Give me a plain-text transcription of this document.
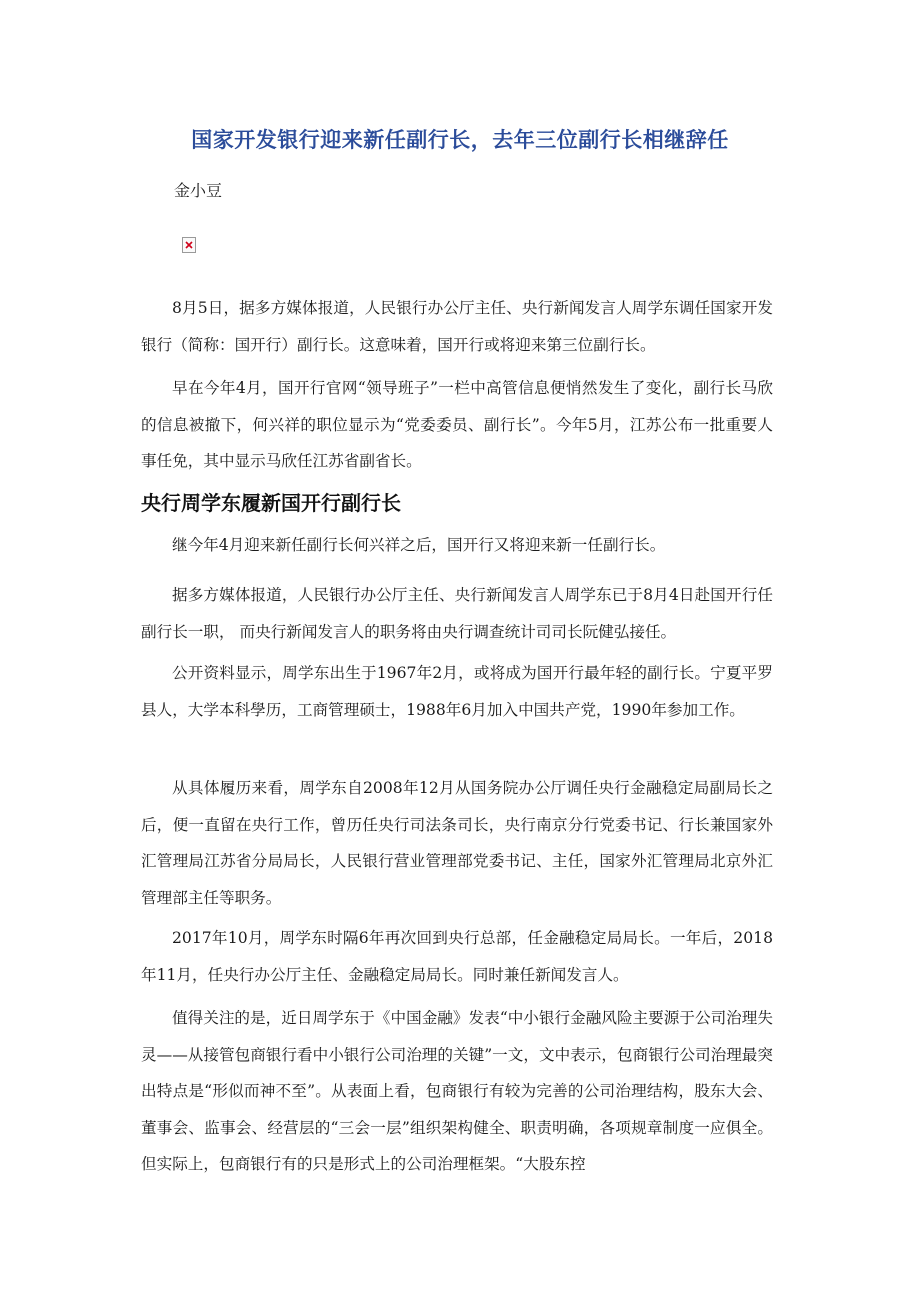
国家开发银行迎来新任副行长，去年三位副行长相继辞任

金小豆

8月5日，据多方媒体报道，人民银行办公厅主任、央行新闻发言人周学东调任国家开发银行（简称：国开行）副行长。这意味着，国开行或将迎来第三位副行长。

早在今年4月，国开行官网“领导班子”一栏中高管信息便悄然发生了变化，副行长马欣的信息被撤下，何兴祥的职位显示为“党委委员、副行长”。今年5月，江苏公布一批重要人事任免，其中显示马欣任江苏省副省长。

央行周学东履新国开行副行长

继今年4月迎来新任副行长何兴祥之后，国开行又将迎来新一任副行长。

据多方媒体报道，人民银行办公厅主任、央行新闻发言人周学东已于8月4日赴国开行任副行长一职， 而央行新闻发言人的职务将由央行调查统计司司长阮健弘接任。

公开资料显示，周学东出生于1967年2月，或将成为国开行最年轻的副行长。宁夏平罗县人，大学本科學历，工商管理硕士，1988年6月加入中国共产党，1990年参加工作。

从具体履历来看，周学东自2008年12月从国务院办公厅调任央行金融稳定局副局长之后，便一直留在央行工作，曾历任央行司法条司长，央行南京分行党委书记、行长兼国家外汇管理局江苏省分局局长，人民银行营业管理部党委书记、主任，国家外汇管理局北京外汇管理部主任等职务。

2017年10月，周学东时隔6年再次回到央行总部，任金融稳定局局长。一年后，2018年11月，任央行办公厅主任、金融稳定局局长。同时兼任新闻发言人。

值得关注的是，近日周学东于《中国金融》发表“中小银行金融风险主要源于公司治理失灵——从接管包商银行看中小银行公司治理的关键”一文，文中表示，包商银行公司治理最突出特点是“形似而神不至”。从表面上看，包商银行有较为完善的公司治理结构，股东大会、董事会、监事会、经营层的“三会一层”组织架构健全、职责明确，各项规章制度一应俱全。但实际上，包商银行有的只是形式上的公司治理框架。“大股东控
